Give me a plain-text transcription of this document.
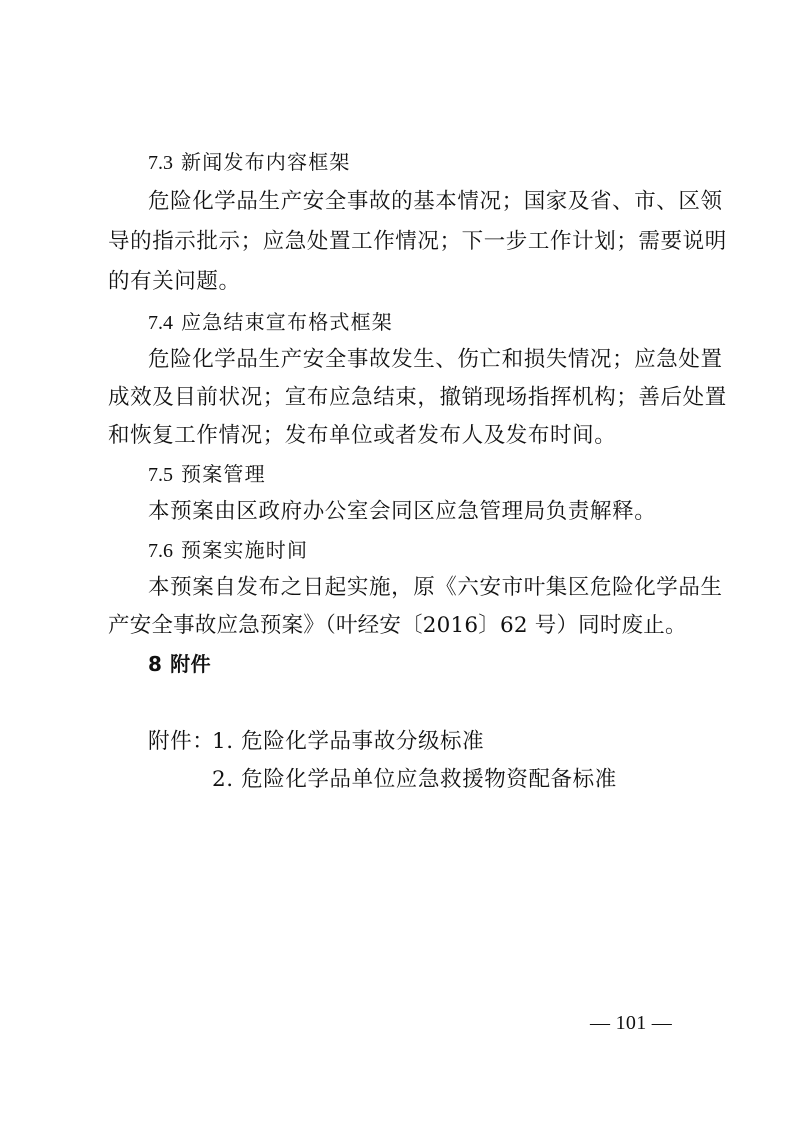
7.3 新闻发布内容框架
危险化学品生产安全事故的基本情况；国家及省、市、区领
导的指示批示；应急处置工作情况；下一步工作计划；需要说明
的有关问题。
7.4 应急结束宣布格式框架
危险化学品生产安全事故发生、伤亡和损失情况；应急处置
成效及目前状况；宣布应急结束，撤销现场指挥机构；善后处置
和恢复工作情况；发布单位或者发布人及发布时间。
7.5 预案管理
本预案由区政府办公室会同区应急管理局负责解释。
7.6 预案实施时间
本预案自发布之日起实施，原《六安市叶集区危险化学品生
产安全事故应急预案》（叶经安〔2016〕62 号）同时废止。
8 附件
附件：
1. 危险化学品事故分级标准
2. 危险化学品单位应急救援物资配备标准
— 101 —
